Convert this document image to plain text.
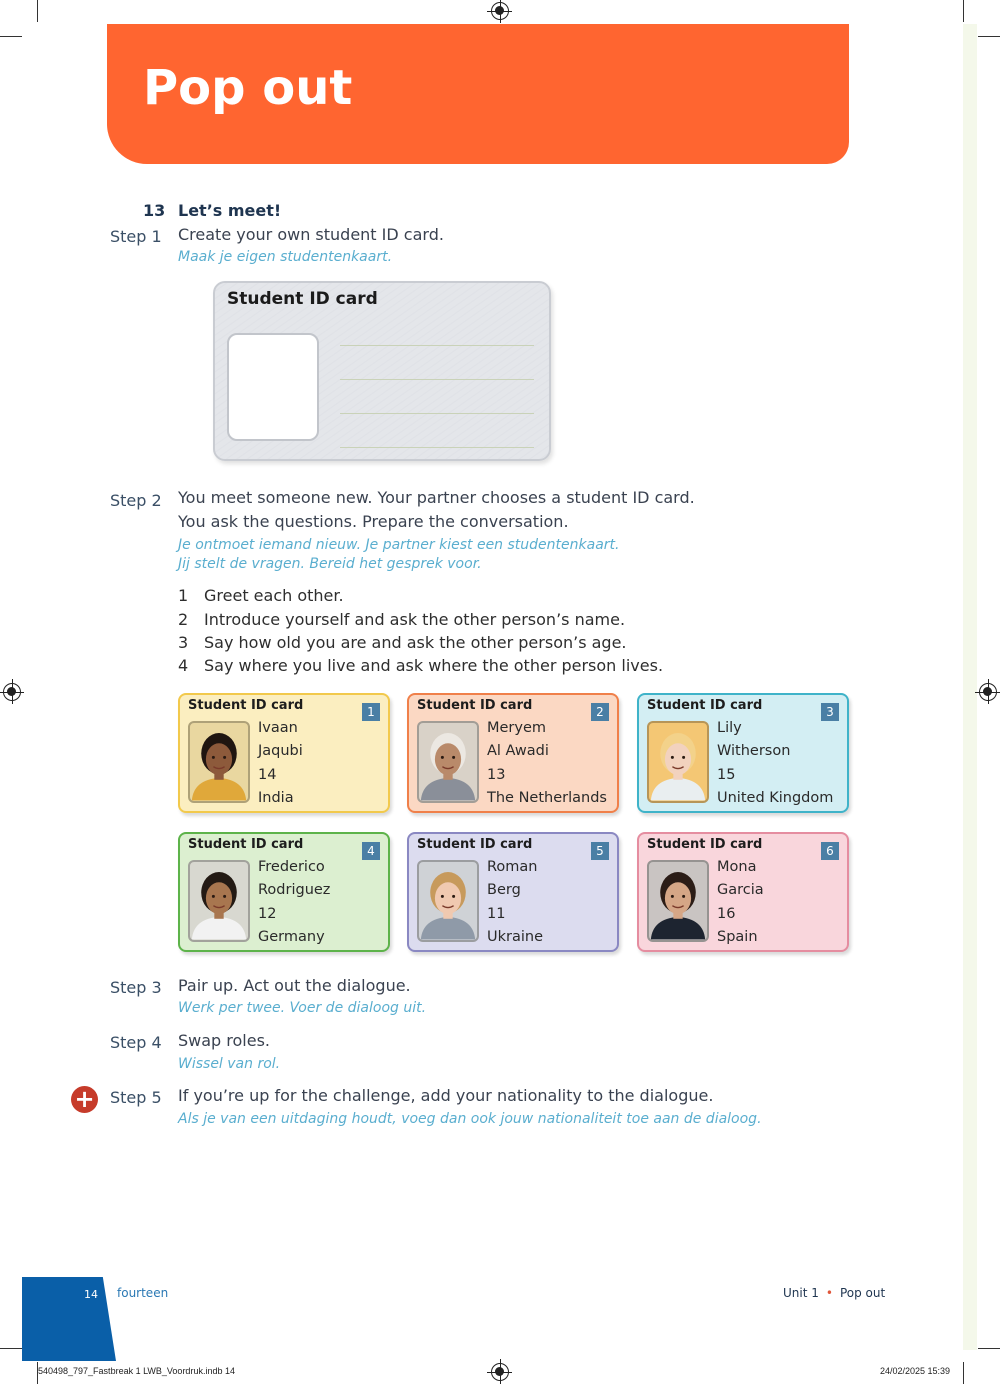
Pop out
13 Let’s meet!
Step 1 Create your own student ID card.
Maak je eigen studentenkaart.
Student ID card
Step 2 You meet someone new. Your partner chooses a student ID card.
You ask the questions. Prepare the conversation.
Je ontmoet iemand nieuw. Je partner kiest een studentenkaart.
Jij stelt de vragen. Bereid het gesprek voor.
1 Greet each other.
2 Introduce yourself and ask the other person’s name.
3 Say how old you are and ask the other person’s age.
4 Say where you live and ask where the other person lives.
Student ID card	1
Ivaan
Jaqubi
14
India
Student ID card	2
Meryem
Al Awadi
13
The Netherlands
Student ID card	3
Lily
Witherson
15
United Kingdom
Student ID card	4
Frederico
Rodriguez
12
Germany
Student ID card	5
Roman
Berg
11
Ukraine
Student ID card	6
Mona
Garcia
16
Spain
Step 3 Pair up. Act out the dialogue.
Werk per twee. Voer de dialoog uit.
Step 4 Swap roles.
Wissel van rol.
+ Step 5 If you’re up for the challenge, add your nationality to the dialogue.
Als je van een uitdaging houdt, voeg dan ook jouw nationaliteit toe aan de dialoog.
14 fourteen	Unit 1 • Pop out
540498_797_Fastbreak 1 LWB_Voordruk.indb 14	24/02/2025 15:39
